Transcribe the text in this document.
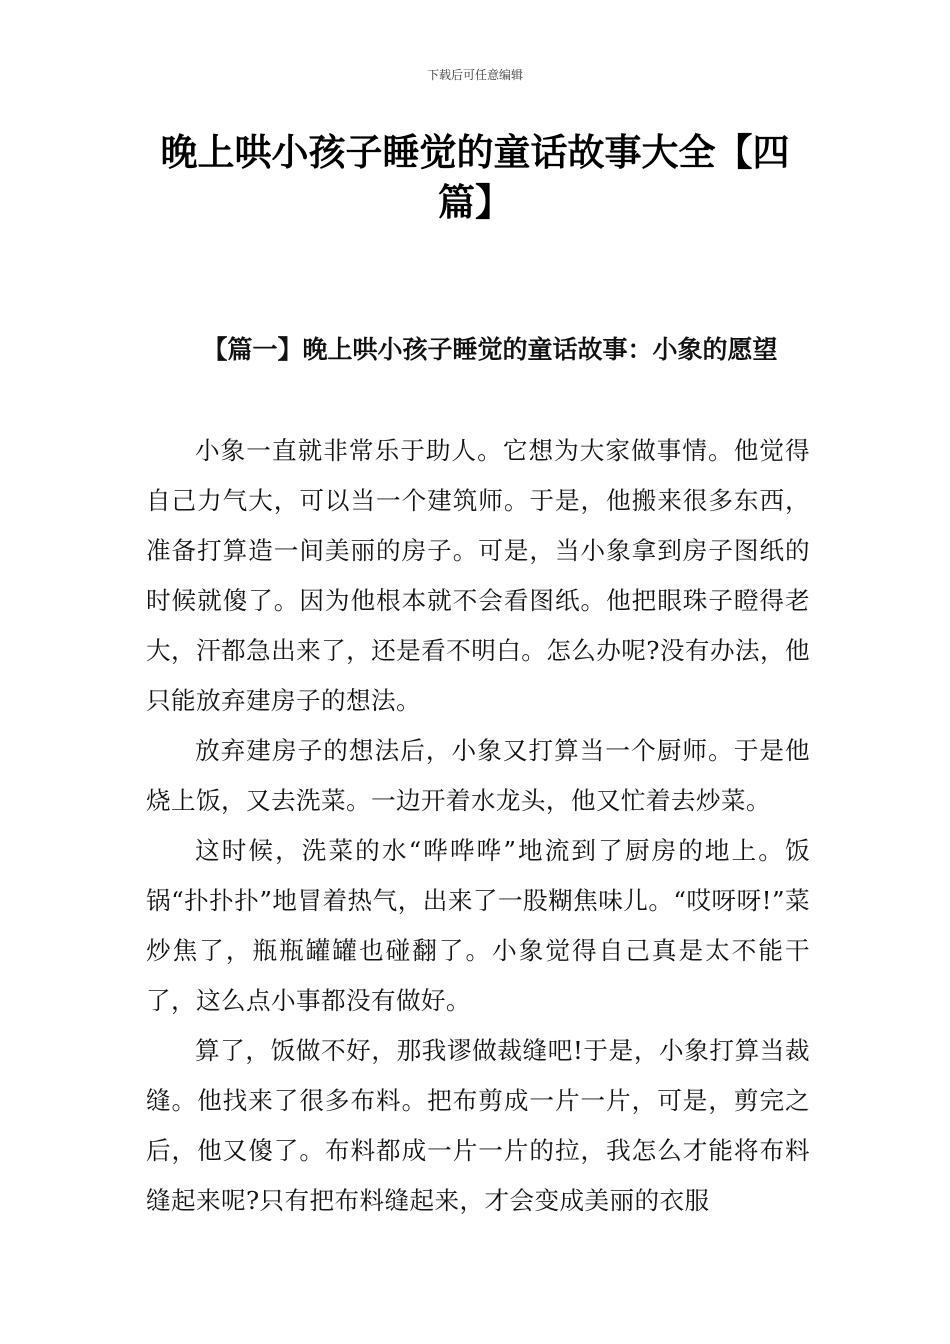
下载后可任意编辑
晚上哄小孩子睡觉的童话故事大全【四篇】
【篇一】晚上哄小孩子睡觉的童话故事：小象的愿望

小象一直就非常乐于助人。它想为大家做事情。他觉得自己力气大，可以当一个建筑师。于是，他搬来很多东西，准备打算造一间美丽的房子。可是，当小象拿到房子图纸的时候就傻了。因为他根本就不会看图纸。他把眼珠子瞪得老大，汗都急出来了，还是看不明白。怎么办呢?没有办法，他只能放弃建房子的想法。

放弃建房子的想法后，小象又打算当一个厨师。于是他烧上饭，又去洗菜。一边开着水龙头，他又忙着去炒菜。

这时候，洗菜的水“哗哗哗”地流到了厨房的地上。饭锅“扑扑扑”地冒着热气，出来了一股糊焦味儿。“哎呀呀!”菜炒焦了，瓶瓶罐罐也碰翻了。小象觉得自己真是太不能干了，这么点小事都没有做好。

算了，饭做不好，那我谬做裁缝吧!于是，小象打算当裁缝。他找来了很多布料。把布剪成一片一片，可是，剪完之后，他又傻了。布料都成一片一片的拉，我怎么才能将布料缝起来呢?只有把布料缝起来，才会变成美丽的衣服
